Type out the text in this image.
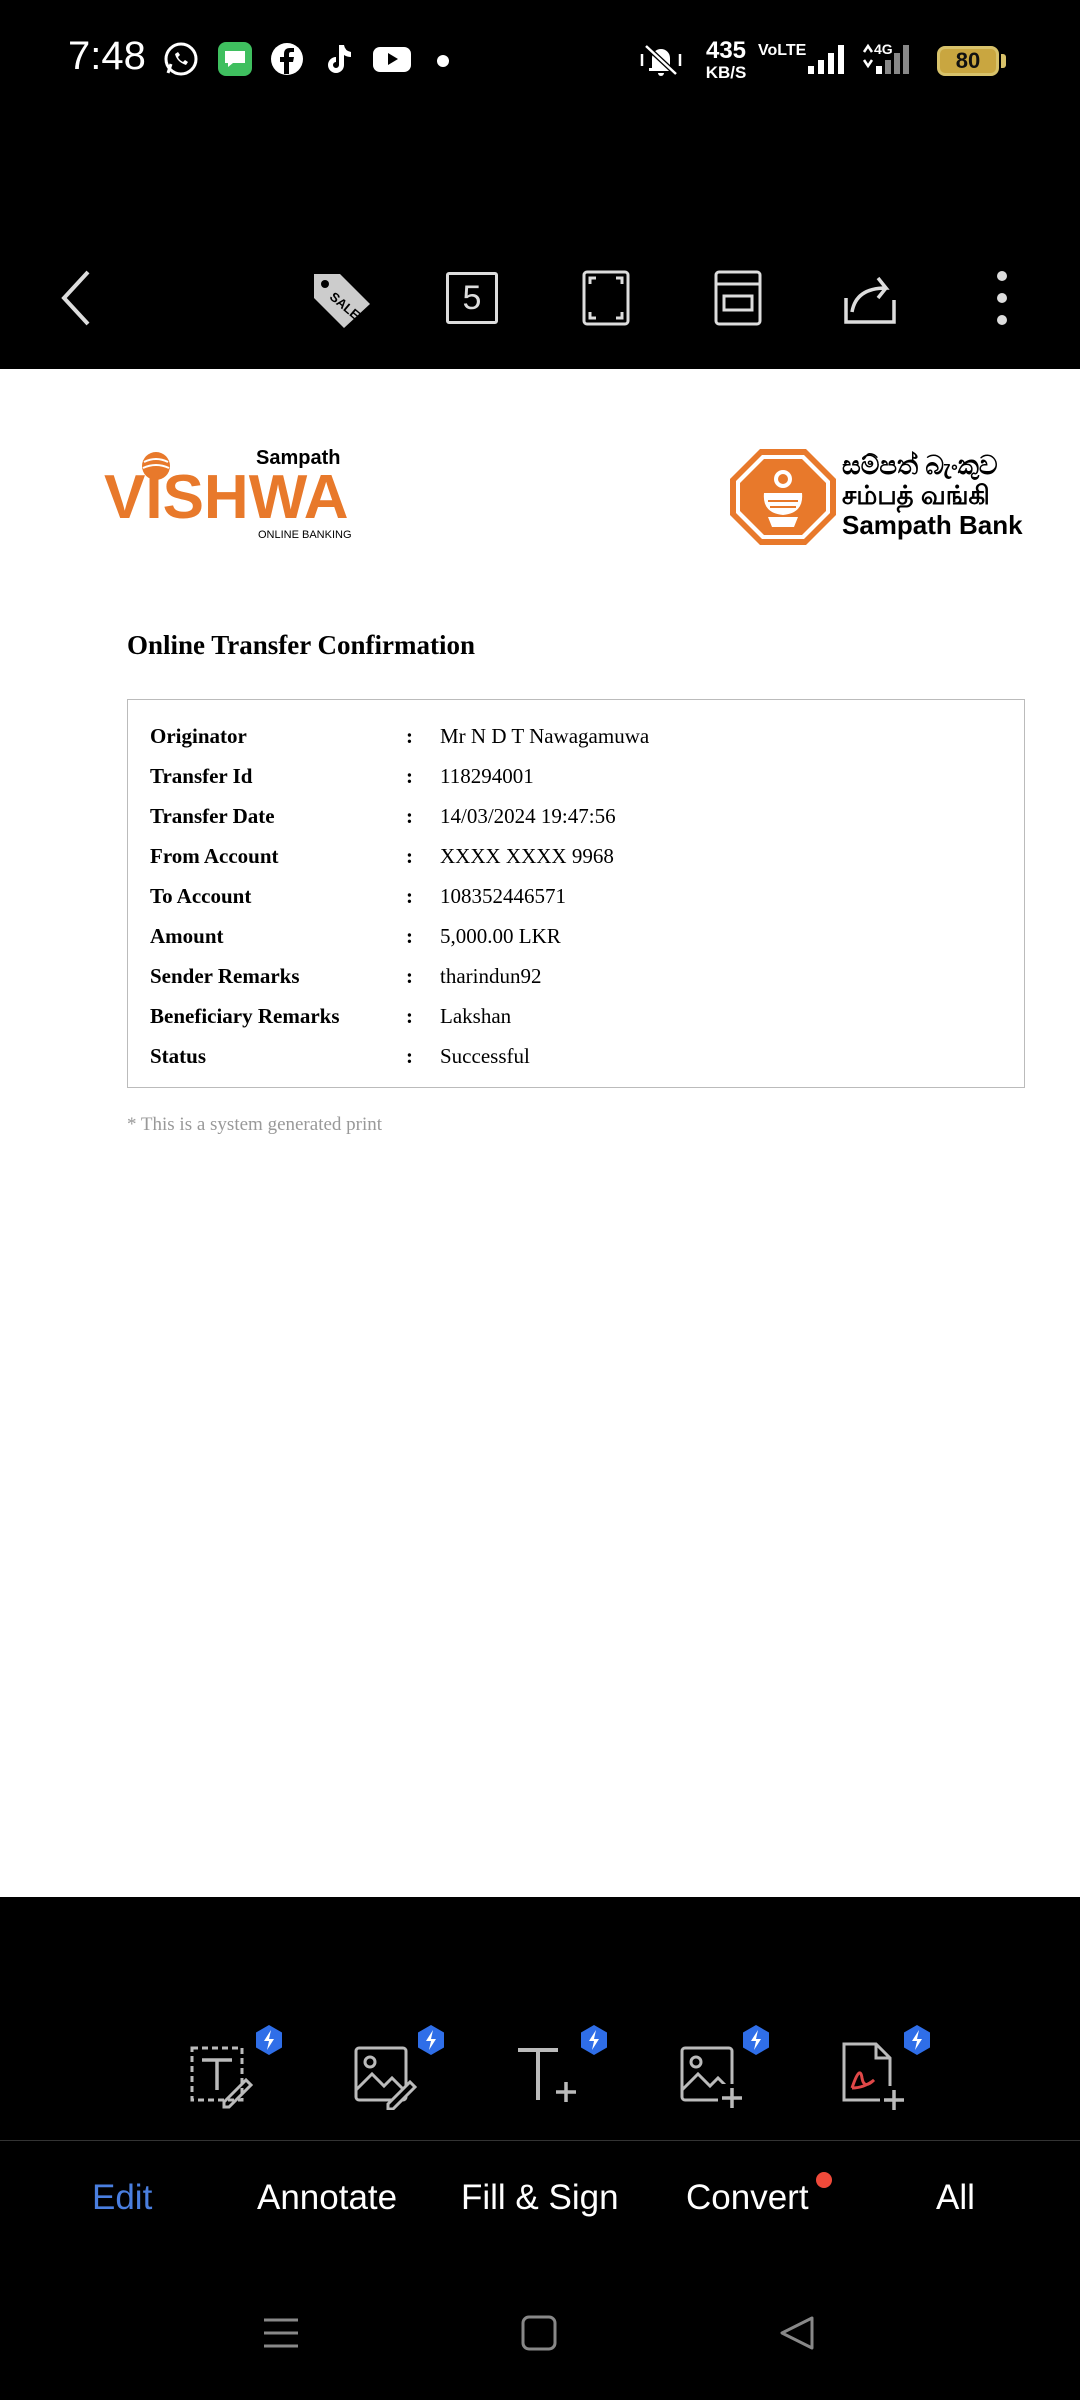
7:48	435
KB/S
VoLTE	4G	80
SALE	5
Sampath
VISHWA
ONLINE BANKING
සම්පත් බැංකුව
சம்பத் வங்கி
Sampath Bank
Online Transfer Confirmation
Originator	: Mr N D T Nawagamuwa
Transfer Id	: 118294001
Transfer Date	: 14/03/2024 19:47:56
From Account	: XXXX XXXX 9968
To Account	: 108352446571
Amount	: 5,000.00 LKR
Sender Remarks	: tharindun92
Beneficiary Remarks	: Lakshan
Status	: Successful
* This is a system generated print
Edit	Annotate Fill & Sign Convert	All
